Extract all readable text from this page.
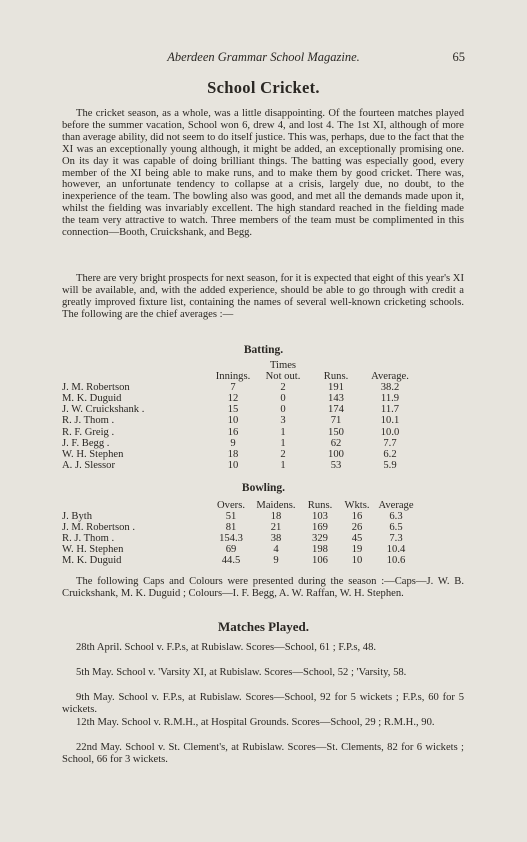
Aberdeen Grammar School Magazine.	65
School Cricket.

The cricket season, as a whole, was a little disappointing. Of the fourteen matches played before the summer vacation, School won 6, drew 4, and lost 4. The 1st XI, although of more than average ability, did not seem to do itself justice. This was, perhaps, due to the fact that the XI was an exceptionally young although, it might be added, an exceptionally promising one. On its day it was capable of doing brilliant things. The batting was especially good, every member of the XI being able to make runs, and to make them by good cricket. There was, however, an unfortunate tendency to collapse at a crisis, largely due, no doubt, to the inexperience of the team. The bowling also was good, and met all the demands made upon it, whilst the fielding was invariably excellent. The high standard reached in the fielding made the team very attractive to watch. Three members of the team must be complimented in this connection—Booth, Cruickshank, and Begg.

There are very bright prospects for next season, for it is expected that eight of this year's XI will be available, and, with the added experience, should be able to go through with credit a greatly improved fixture list, containing the names of several well-known cricketing schools. The following are the chief averages :—

Batting.
		Times		
	Innings.	Not out.	Runs.	Average.
J. M. Robertson	7	2	191	38.2
M. K. Duguid	12	0	143	11.9
J. W. Cruickshank .	15	0	174	11.7
R. J. Thom .	10	3	71	10.1
R. F. Greig .	16	1	150	10.0
J. F. Begg .	9	1	62	7.7
W. H. Stephen	18	2	100	6.2
A. J. Slessor	10	1	53	5.9
Bowling.
	Overs.	Maidens.	Runs.	Wkts.	Average
J. Byth	51	18	103	16	6.3
J. M. Robertson .	81	21	169	26	6.5
R. J. Thom .	154.3	38	329	45	7.3
W. H. Stephen	69	4	198	19	10.4
M. K. Duguid	44.5	9	106	10	10.6

The following Caps and Colours were presented during the season :—Caps—J. W. B. Cruickshank, M. K. Duguid ; Colours—I. F. Begg, A. W. Raffan, W. H. Stephen.

Matches Played.

28th April. School v. F.P.s, at Rubislaw. Scores—School, 61 ; F.P.s, 48.

5th May. School v. 'Varsity XI, at Rubislaw. Scores—School, 52 ; 'Varsity, 58.

9th May. School v. F.P.s, at Rubislaw. Scores—School, 92 for 5 wickets ; F.P.s, 60 for 5 wickets.

12th May. School v. R.M.H., at Hospital Grounds. Scores—School, 29 ; R.M.H., 90.

22nd May. School v. St. Clement's, at Rubislaw. Scores—St. Clements, 82 for 6 wickets ; School, 66 for 3 wickets.
